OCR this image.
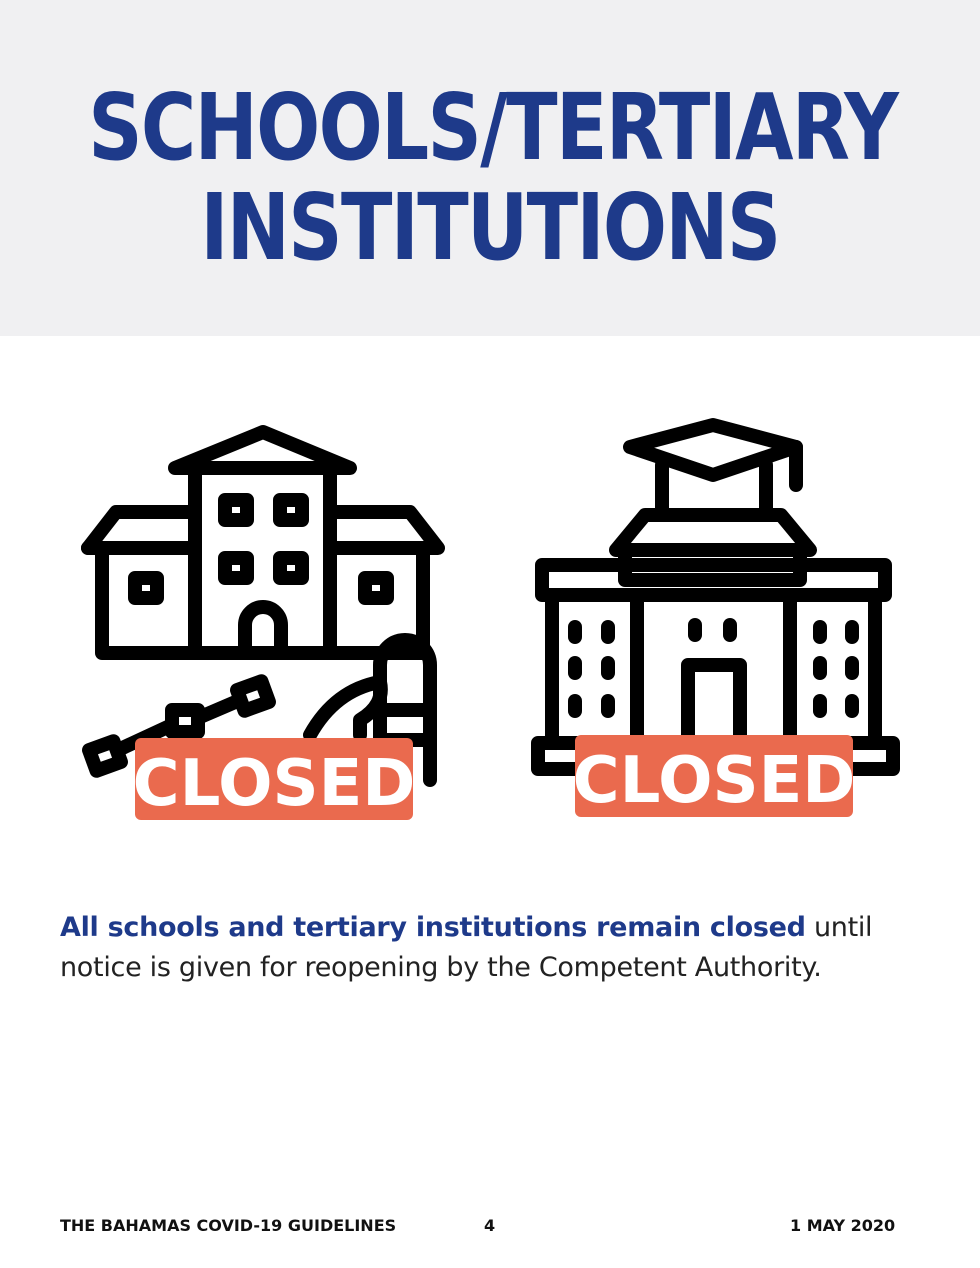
SCHOOLS/TERTIARY
INSTITUTIONS
CLOSED CLOSED
All schools and tertiary institutions remain closed until notice is given for reopening by the Competent Authority.
THE BAHAMAS COVID-19 GUIDELINES	4	1 MAY 2020
